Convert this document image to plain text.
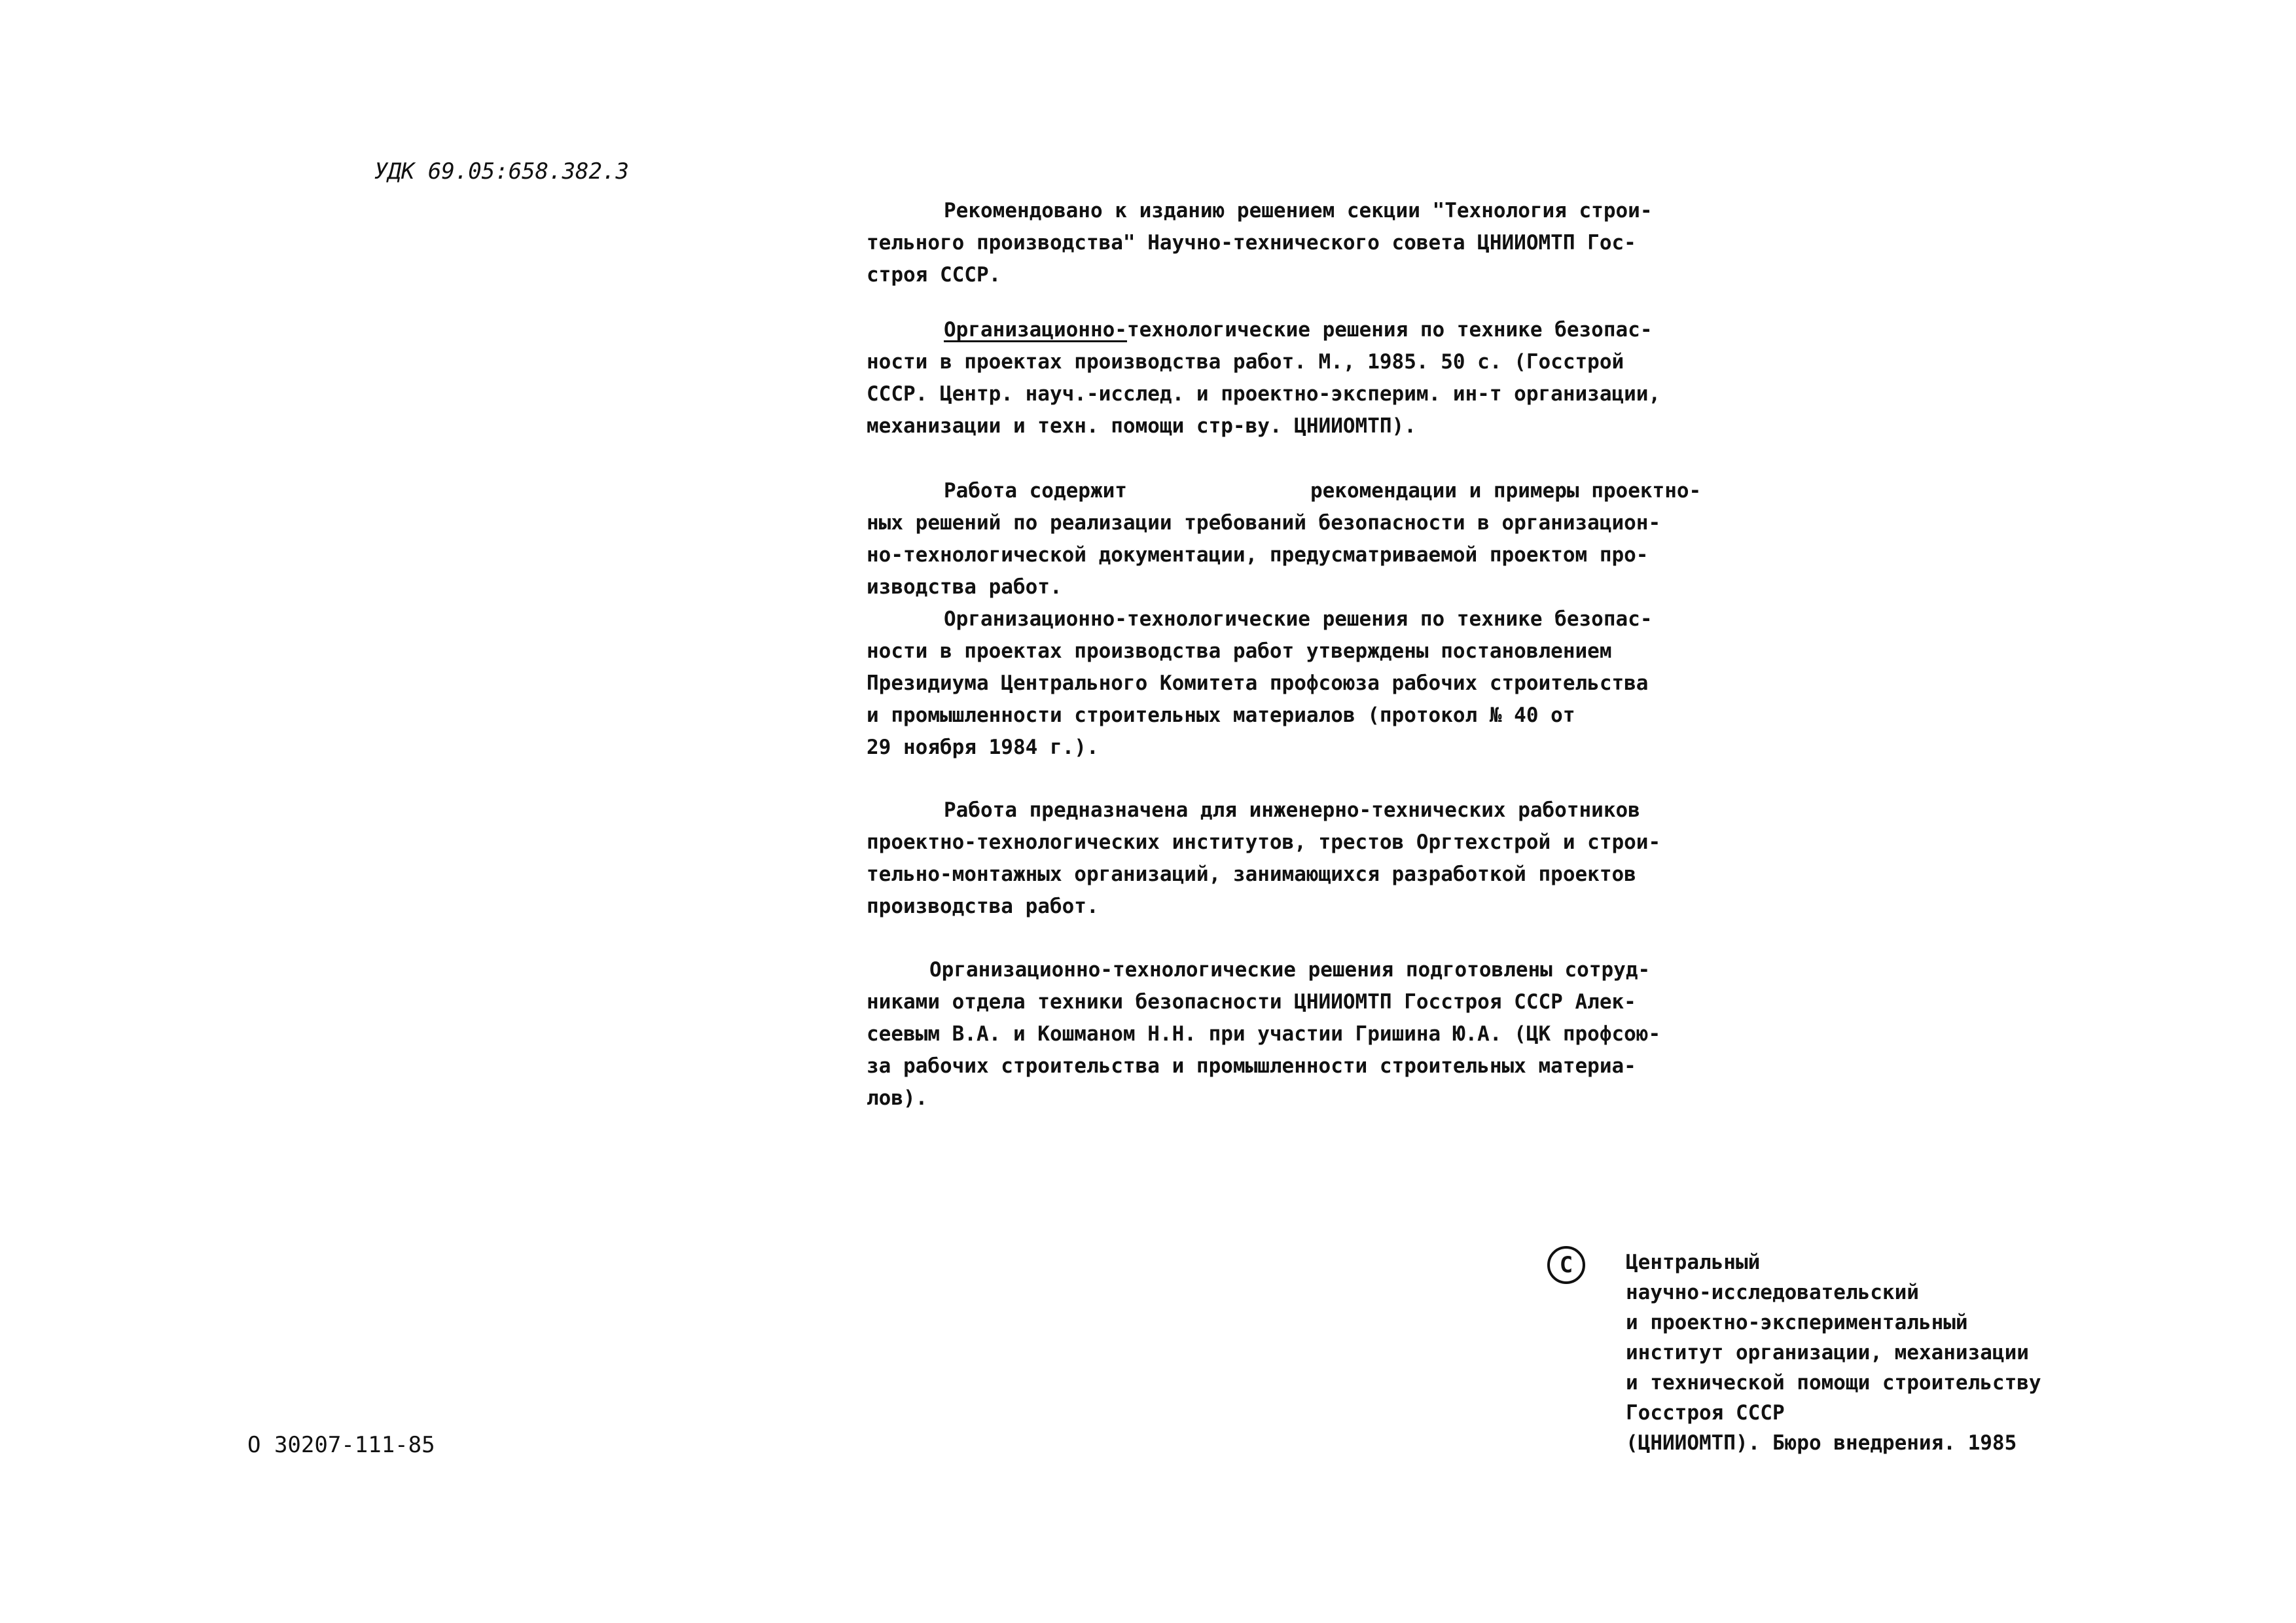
УДК 69.05:658.382.3
Рекомендовано к изданию решением секции "Технология строи-
тельного производства" Научно-технического совета ЦНИИОМТП Гос-
строя СССР.
Организационно-технологические решения по технике безопас-
ности в проектах производства работ. М., 1985. 50 с. (Госстрой
СССР. Центр. науч.-исслед. и проектно-эксперим. ин-т организации,
механизации и техн. помощи стр-ву. ЦНИИОМТП).
Работа содержит	рекомендации и примеры проектно-
ных решений по реализации требований безопасности в организацион-
но-технологической документации, предусматриваемой проектом про-
изводства работ.
Организационно-технологические решения по технике безопас-
ности в проектах производства работ утверждены постановлением
Президиума Центрального Комитета профсоюза рабочих строительства
и промышленности строительных материалов (протокол № 40 от
29 ноября 1984 г.).
Работа предназначена для инженерно-технических работников
проектно-технологических институтов, трестов Оргтехстрой и строи-
тельно-монтажных организаций, занимающихся разработкой проектов
производства работ.
Организационно-технологические решения подготовлены сотруд-
никами отдела техники безопасности ЦНИИОМТП Госстроя СССР Алек-
сеевым В.А. и Кошманом Н.Н. при участии Гришина Ю.А. (ЦК профсою-
за рабочих строительства и промышленности строительных материа-
лов).
О 30207-111-85
C	Центральный
научно-исследовательский
и проектно-экспериментальный
институт организации, механизации
и технической помощи строительству
Госстроя СССР
(ЦНИИОМТП). Бюро внедрения. 1985
